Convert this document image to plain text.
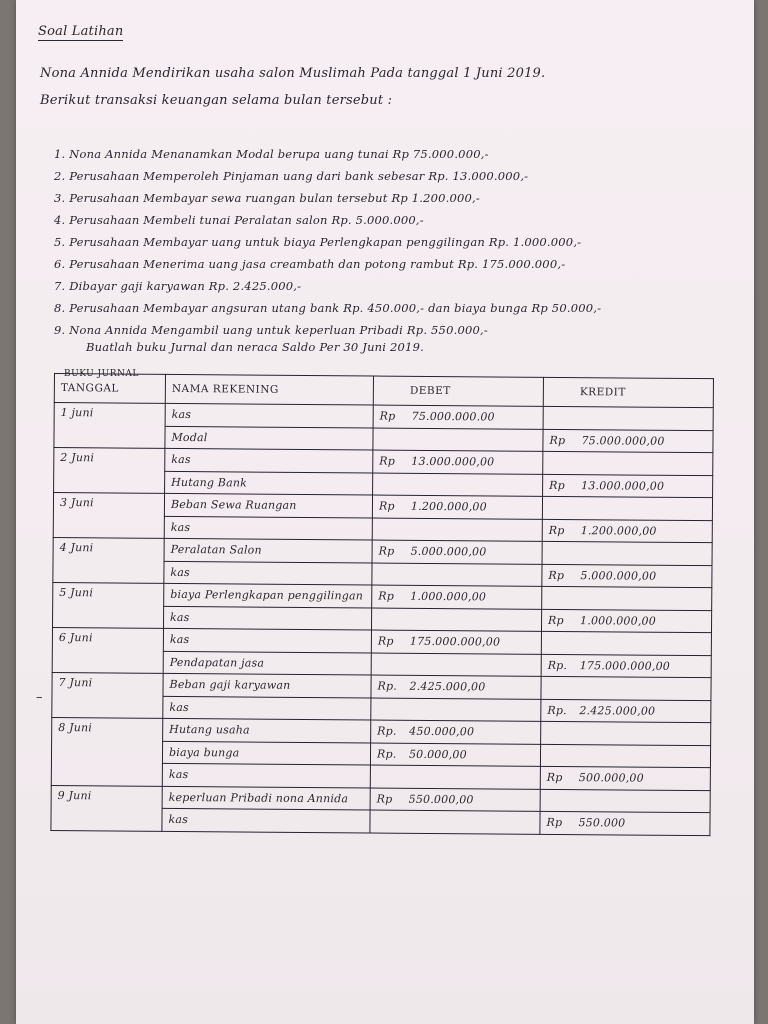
Soal Latihan
Nona Annida Mendirikan usaha salon Muslimah Pada tanggal 1 Juni 2019.
Berikut transaksi keuangan selama bulan tersebut :
1. Nona Annida Menanamkan Modal berupa uang tunai Rp 75.000.000,-
2. Perusahaan Memperoleh Pinjaman uang dari bank sebesar Rp. 13.000.000,-
3. Perusahaan Membayar sewa ruangan bulan tersebut Rp 1.200.000,-
4. Perusahaan Membeli tunai Peralatan salon Rp. 5.000.000,-
5. Perusahaan Membayar uang untuk biaya Perlengkapan penggilingan Rp. 1.000.000,-
6. Perusahaan Menerima uang jasa creambath dan potong rambut Rp. 175.000.000,-
7. Dibayar gaji karyawan Rp. 2.425.000,-
8. Perusahaan Membayar angsuran utang bank Rp. 450.000,- dan biaya bunga Rp 50.000,-
9. Nona Annida Mengambil uang untuk keperluan Pribadi Rp. 550.000,-
Buatlah buku Jurnal dan neraca Saldo Per 30 Juni 2019.
BUKU JURNAL
TANGGAL	NAMA REKENING	DEBET	KREDIT
1 juni	kas	Rp 75.000.000.00	

	Modal		Rp 75.000.000,00

2 Juni	kas	Rp 13.000.000,00	

	Hutang Bank		Rp 13.000.000,00

3 Juni	Beban Sewa Ruangan	Rp 1.200.000,00	

	kas		Rp 1.200.000,00

4 Juni	Peralatan Salon	Rp 5.000.000,00	

	kas		Rp 5.000.000,00

5 Juni	biaya Perlengkapan penggilingan	Rp 1.000.000,00	

	kas		Rp 1.000.000,00

6 Juni	kas	Rp 175.000.000,00	

	Pendapatan jasa		Rp. 175.000.000,00

7 Juni	Beban gaji karyawan	Rp. 2.425.000,00	

	kas		Rp. 2.425.000,00

8 Juni	Hutang usaha	Rp. 450.000,00	

	biaya bunga	Rp. 50.000,00	

	kas		Rp 500.000,00

9 Juni	keperluan Pribadi nona Annida	Rp 550.000,00	

	kas		Rp 550.000
–
